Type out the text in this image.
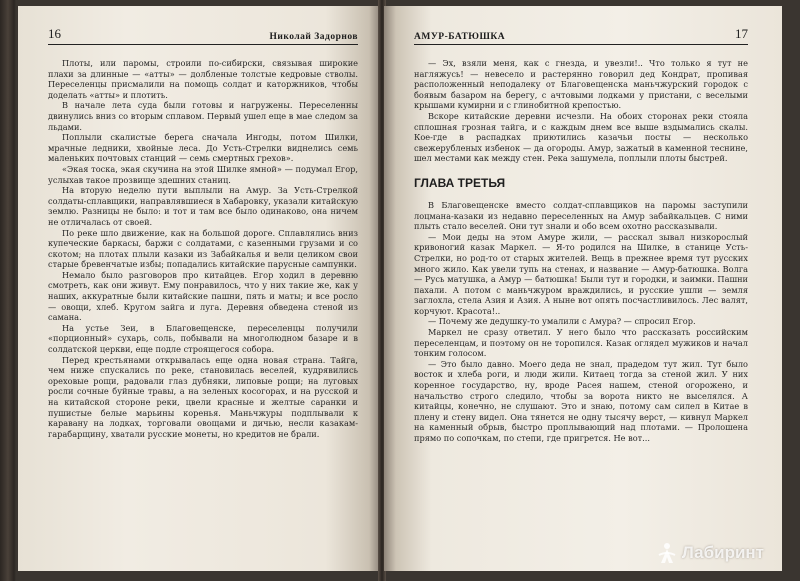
16	Николай Задорнов

Плоты, или паромы, строили по-сибирски, связывая широкие плахи за длинные — «атты» — долбленые толстые кедровые стволы. Переселенцы присмалили на помощь солдат и каторжников, чтобы доделать «атты» и плотить.

В начале лета суда были готовы и нагружены. Переселенны двинулись вниз со вторым сплавом. Первый ушел еще в мае следом за льдами.

Поплыли скалистые берега сначала Ингоды, потом Шилки, мрачные ледники, хвойные леса. До Усть-Стрелки виднелись семь маленьких почтовых станций — семь смертных грехов».

«Экая тоска, экая скучина на этой Шилке ямной» — подумал Егор, услыхав такое прозвище здешних станиц.

На вторую неделю пути выплыли на Амур. За Усть-Стрелкой солдаты-сплавщики, направлявшиеся в Хабаровку, указали китайскую землю. Разницы не было: и тот и там все было одинаково, она ничем не отличалась от своей.

По реке шло движение, как на большой дороге. Сплавлялись вниз купеческие баркасы, баржи с солдатами, с казенными грузами и со скотом; на плотах плыли казаки из Забайкалья и вели целиком свои старые бревенчатые избы; попадались китайские парусные сампунки.

Немало было разговоров про китайцев. Егор ходил в деревню смотреть, как они живут. Ему понравилось, что у них такие же, как у наших, аккуратные были китайские пашни, пять и маты; и все росло — овощи, хлеб. Кругом зайга и луга. Деревня обведена стеной из самана.

На устье Зеи, в Благовещенске, переселенцы получили «порционный» сухарь, соль, побывали на многолюдном базаре и в солдатской церкви, еще подле строящегося собора.

Перед крестьянами открывалась еще одна новая страна. Тайга, чем ниже спускались по реке, становилась веселей, кудрявились ореховые рощи, радовали глаз дубняки, липовые рощи; на луговых росли сочные буйные травы, а на зеленых косогорах, и на русской и на китайской стороне реки, цвели красные и желтые саранки и пушистые белые марьины коренья. Маньчжуры подплывали к каравану на лодках, торговали овощами и дичью, несли казакам-гарабарщину, хватали русские монеты, но кредитов не брали.

АМУР-БАТЮШКА	17

— Эх, взяли меня, как с гнезда, и увезли!.. Что только я тут не нагляжусь! — невесело и растерянно говорил дед Кондрат, пропивая расположенный неподалеку от Благовещенска маньчжурский городок с боявым базаром на берегу, с ачтовыми лодками у пристани, с веселыми крышами кумирни и с глинобитной крепостью.

Вскоре китайские деревни исчезли. На обоих сторонах реки стояла сплошная грозная тайга, и с каждым днем все выше вздымались скалы. Кое-где в распадках приютились казачьи посты — несколько свежерубленых избенок — да огороды. Амур, зажатый в каменной теснине, шел местами как между стен. Река зашумела, поплыли плоты быстрей.

ГЛАВА ТРЕТЬЯ

В Благовещенске вместо солдат-сплавщиков на паромы заступили лоцмана-казаки из недавно переселенных на Амур забайкальцев. С ними плыть стало веселей. Они тут знали и обо всем охотно рассказывали.

— Мои деды на этом Амуре жили, — расскал зывал низкорослый кривоногий казак Маркел. — Я-то родился на Шилке, в станице Усть-Стрелки, но род-то от старых жителей. Вещь в прежнее время тут русских много жило. Как увели тупь на стенах, и название — Амур-батюшка. Волга — Русь матушка, а Амур — батюшка! Были тут и городки, и заимки. Пашни пахали. А потом с маньчжуром враждились, и русские ушли — земля заглохла, стела Азия и Азия. А ныне вот опять посчастливилось. Лес валят, корчуют. Красота!..

— Почему же дедушку-то умалили с Амура? — спросил Егор.

Маркел не сразу ответил. У него было что рассказать российским переселенцам, и поэтому он не торопился. Казак оглядел мужиков и начал тонким голосом.

— Это было давно. Моего деда не знал, прадедом тут жил. Тут было восток и хлеба роги, и люди жили. Китаец тогда за стеной жил. У них коренное государство, ну, вроде Расея нашем, стеной огорожено, и начальство строго следило, чтобы за ворота никто не выселялся. А китайцы, конечно, не слушают. Это и знаю, потому сам силел в Китае в плену и стену видел. Она тянется не одну тысячу верст, — кивнул Маркел на каменный обрыв, быстро проплывающий над плотами. — Пролошена прямо по сопочкам, по степи, где пригрется. Не вот...

Лабиринт
